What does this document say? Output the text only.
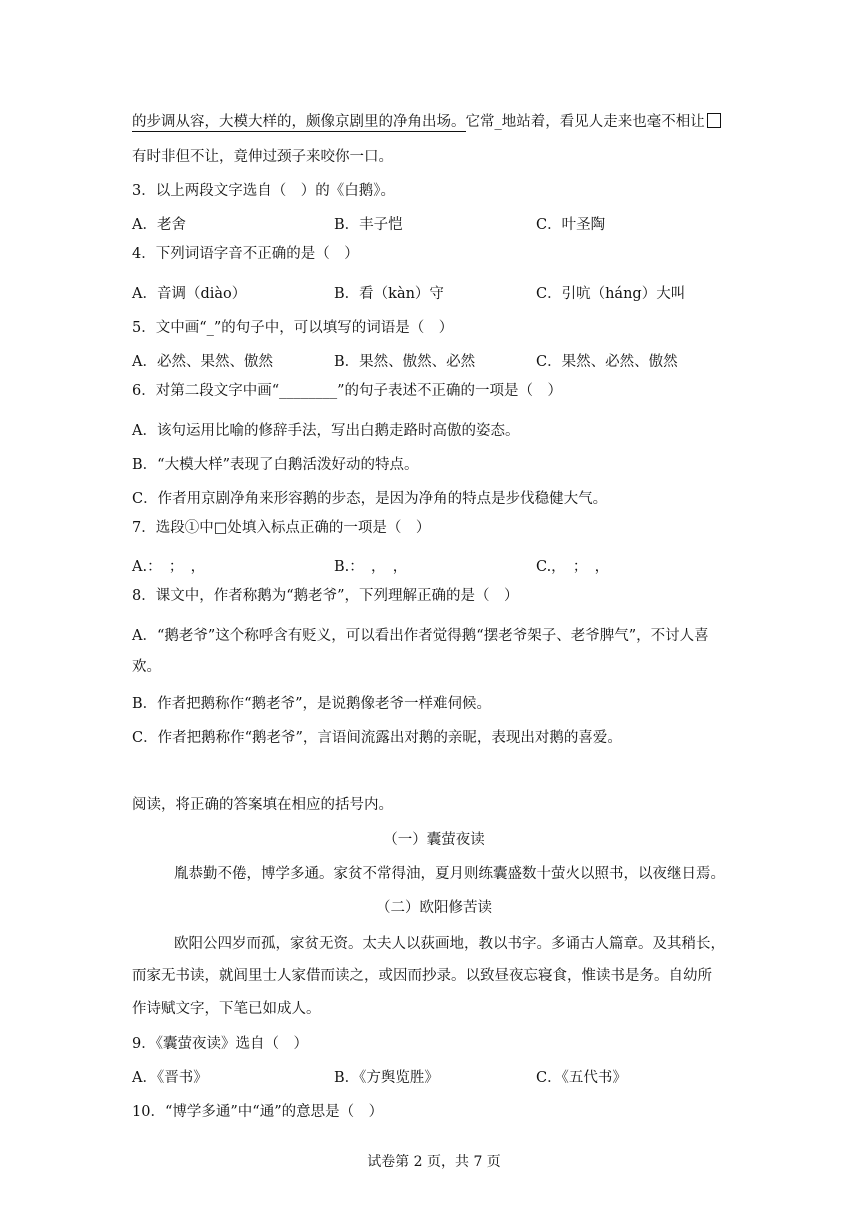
的步调从容，大模大样的，颇像京剧里的净角出场。它常_地站着，看见人走来也毫不相让
有时非但不让，竟伸过颈子来咬你一口。
3．以上两段文字选自（　）的《白鹅》。
A．老舍	B．丰子恺	C．叶圣陶
4．下列词语字音不正确的是（　）
A．音调（diào）	B．看（kàn）守	C．引吭（háng）大叫
5．文中画“_”的句子中，可以填写的词语是（　）
A．必然、果然、傲然	B．果然、傲然、必然	C．果然、必然、傲然
6．对第二段文字中画“________”的句子表述不正确的一项是（　）
A．该句运用比喻的修辞手法，写出白鹅走路时高傲的姿态。
B．“大模大样”表现了白鹅活泼好动的特点。
C．作者用京剧净角来形容鹅的步态，是因为净角的特点是步伐稳健大气。
7．选段①中□处填入标点正确的一项是（　）
A.：　；　，	B.：　，　，	C.，　；　，
8．课文中，作者称鹅为“鹅老爷”，下列理解正确的是（　）
A．“鹅老爷”这个称呼含有贬义，可以看出作者觉得鹅“摆老爷架子、老爷脾气”，不讨人喜
欢。
B．作者把鹅称作“鹅老爷”，是说鹅像老爷一样难伺候。
C．作者把鹅称作“鹅老爷”，言语间流露出对鹅的亲昵，表现出对鹅的喜爱。
阅读，将正确的答案填在相应的括号内。
（一）囊萤夜读
胤恭勤不倦，博学多通。家贫不常得油，夏月则练囊盛数十萤火以照书，以夜继日焉。
（二）欧阳修苦读
欧阳公四岁而孤，家贫无资。太夫人以荻画地，教以书字。多诵古人篇章。及其稍长，
而家无书读，就闾里士人家借而读之，或因而抄录。以致昼夜忘寝食，惟读书是务。自幼所
作诗赋文字，下笔已如成人。
9．《囊萤夜读》选自（　）
A．《晋书》	B．《方舆览胜》	C．《五代书》
10．“博学多通”中“通”的意思是（　）
试卷第 2 页，共 7 页
